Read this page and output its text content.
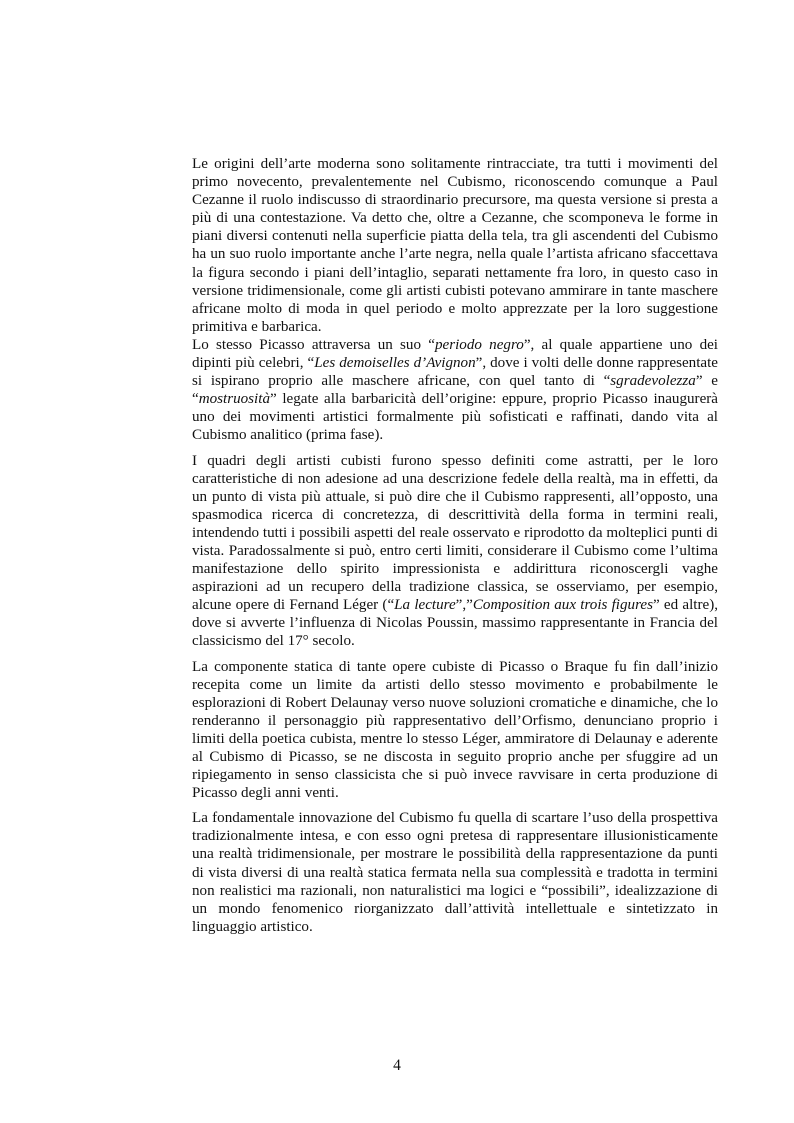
Le origini dell’arte moderna sono solitamente rintracciate, tra tutti i movimenti del primo novecento, prevalentemente nel Cubismo, riconoscendo comunque a Paul Cezanne il ruolo indiscusso di straordinario precursore, ma questa versione si presta a più di una contestazione. Va detto che, oltre a Cezanne, che scomponeva le forme in piani diversi contenuti nella superficie piatta della tela, tra gli ascendenti del Cubismo ha un suo ruolo importante anche l’arte negra, nella quale l’artista africano sfaccettava la figura secondo i piani dell’intaglio, separati nettamente fra loro, in questo caso in versione tridimensionale, come gli artisti cubisti potevano ammirare in tante maschere africane molto di moda in quel periodo e molto apprezzate per la loro suggestione primitiva e barbarica.

Lo stesso Picasso attraversa un suo “periodo negro”, al quale appartiene uno dei dipinti più celebri, “Les demoiselles d’Avignon”, dove i volti delle donne rappresentate si ispirano proprio alle maschere africane, con quel tanto di “sgradevolezza” e “mostruosità” legate alla barbaricità dell’origine: eppure, proprio Picasso inaugurerà uno dei movimenti artistici formalmente più sofisticati e raffinati, dando vita al Cubismo analitico (prima fase).

I quadri degli artisti cubisti furono spesso definiti come astratti, per le loro caratteristiche di non adesione ad una descrizione fedele della realtà, ma in effetti, da un punto di vista più attuale, si può dire che il Cubismo rappresenti, all’opposto, una spasmodica ricerca di concretezza, di descrittività della forma in termini reali, intendendo tutti i possibili aspetti del reale osservato e riprodotto da molteplici punti di vista. Paradossalmente si può, entro certi limiti, considerare il Cubismo come l’ultima manifestazione dello spirito impressionista e addirittura riconoscergli vaghe aspirazioni ad un recupero della tradizione classica, se osserviamo, per esempio, alcune opere di Fernand Léger (“La lecture”,”Composition aux trois figures” ed altre), dove si avverte l’influenza di Nicolas Poussin, massimo rappresentante in Francia del classicismo del 17° secolo.

La componente statica di tante opere cubiste di Picasso o Braque fu fin dall’inizio recepita come un limite da artisti dello stesso movimento e probabilmente le esplorazioni di Robert Delaunay verso nuove soluzioni cromatiche e dinamiche, che lo renderanno il personaggio più rappresentativo dell’Orfismo, denunciano proprio i limiti della poetica cubista, mentre lo stesso Léger, ammiratore di Delaunay e aderente al Cubismo di Picasso, se ne discosta in seguito proprio anche per sfuggire ad un ripiegamento in senso classicista che si può invece ravvisare in certa produzione di Picasso degli anni venti.

La fondamentale innovazione del Cubismo fu quella di scartare l’uso della prospettiva tradizionalmente intesa, e con esso ogni pretesa di rappresentare illusionisticamente una realtà tridimensionale, per mostrare le possibilità della rappresentazione da punti di vista diversi di una realtà statica fermata nella sua complessità e tradotta in termini non realistici ma razionali, non naturalistici ma logici e “possibili”, idealizzazione di un mondo fenomenico riorganizzato dall’attività intellettuale e sintetizzato in linguaggio artistico.

4
